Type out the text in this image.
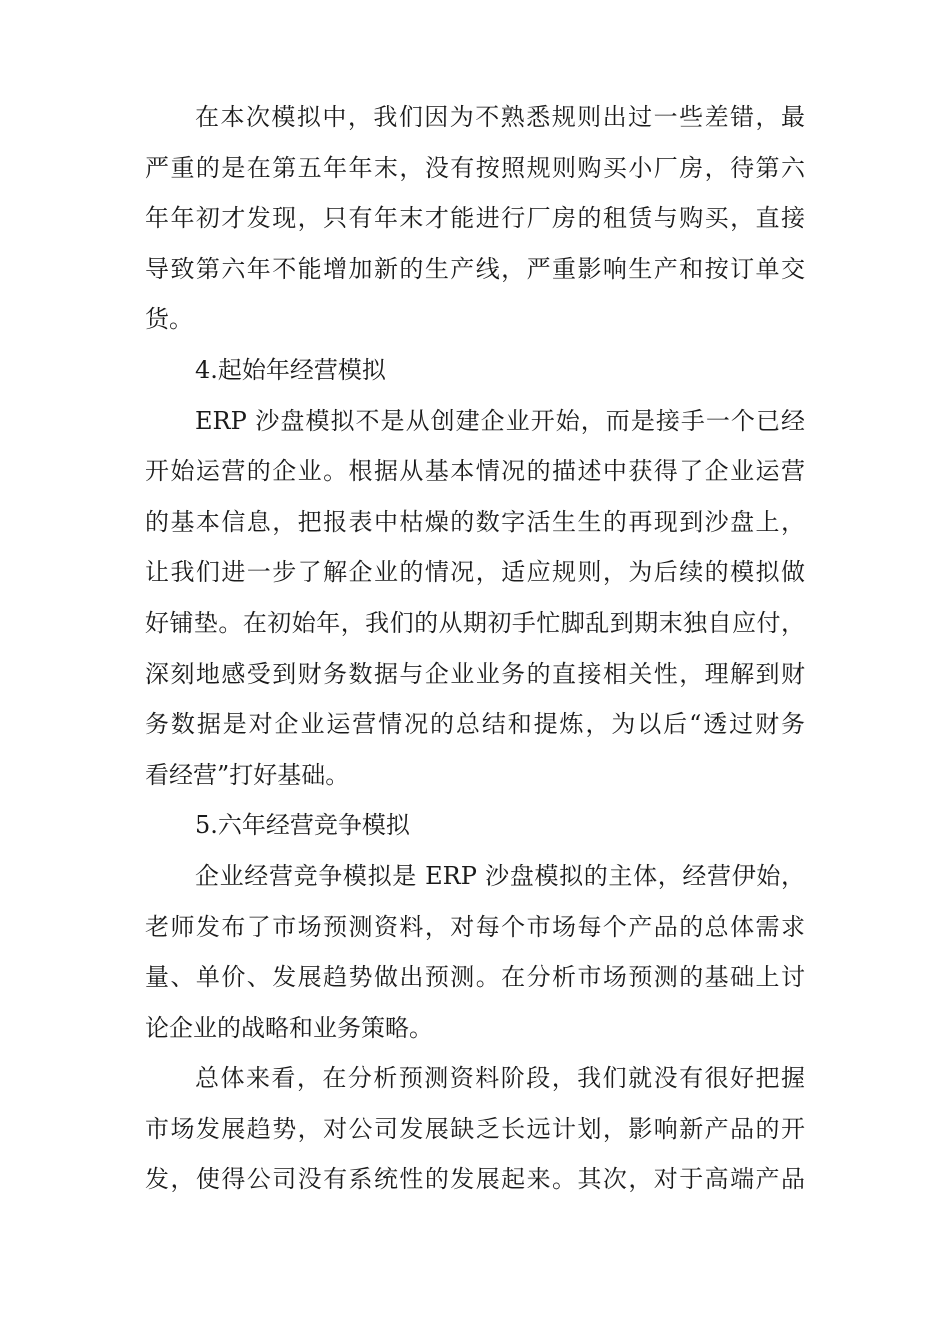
在本次模拟中，我们因为不熟悉规则出过一些差错，最
严重的是在第五年年末，没有按照规则购买小厂房，待第六
年年初才发现，只有年末才能进行厂房的租赁与购买，直接
导致第六年不能增加新的生产线，严重影响生产和按订单交
货。
4.起始年经营模拟
ERP 沙盘模拟不是从创建企业开始，而是接手一个已经
开始运营的企业。根据从基本情况的描述中获得了企业运营
的基本信息，把报表中枯燥的数字活生生的再现到沙盘上，
让我们进一步了解企业的情况，适应规则，为后续的模拟做
好铺垫。在初始年，我们的从期初手忙脚乱到期末独自应付，
深刻地感受到财务数据与企业业务的直接相关性，理解到财
务数据是对企业运营情况的总结和提炼，为以后“透过财务
看经营”打好基础。
5.六年经营竞争模拟
企业经营竞争模拟是 ERP 沙盘模拟的主体，经营伊始，
老师发布了市场预测资料，对每个市场每个产品的总体需求
量、单价、发展趋势做出预测。在分析市场预测的基础上讨
论企业的战略和业务策略。
总体来看，在分析预测资料阶段，我们就没有很好把握
市场发展趋势，对公司发展缺乏长远计划，影响新产品的开
发，使得公司没有系统性的发展起来。其次，对于高端产品
